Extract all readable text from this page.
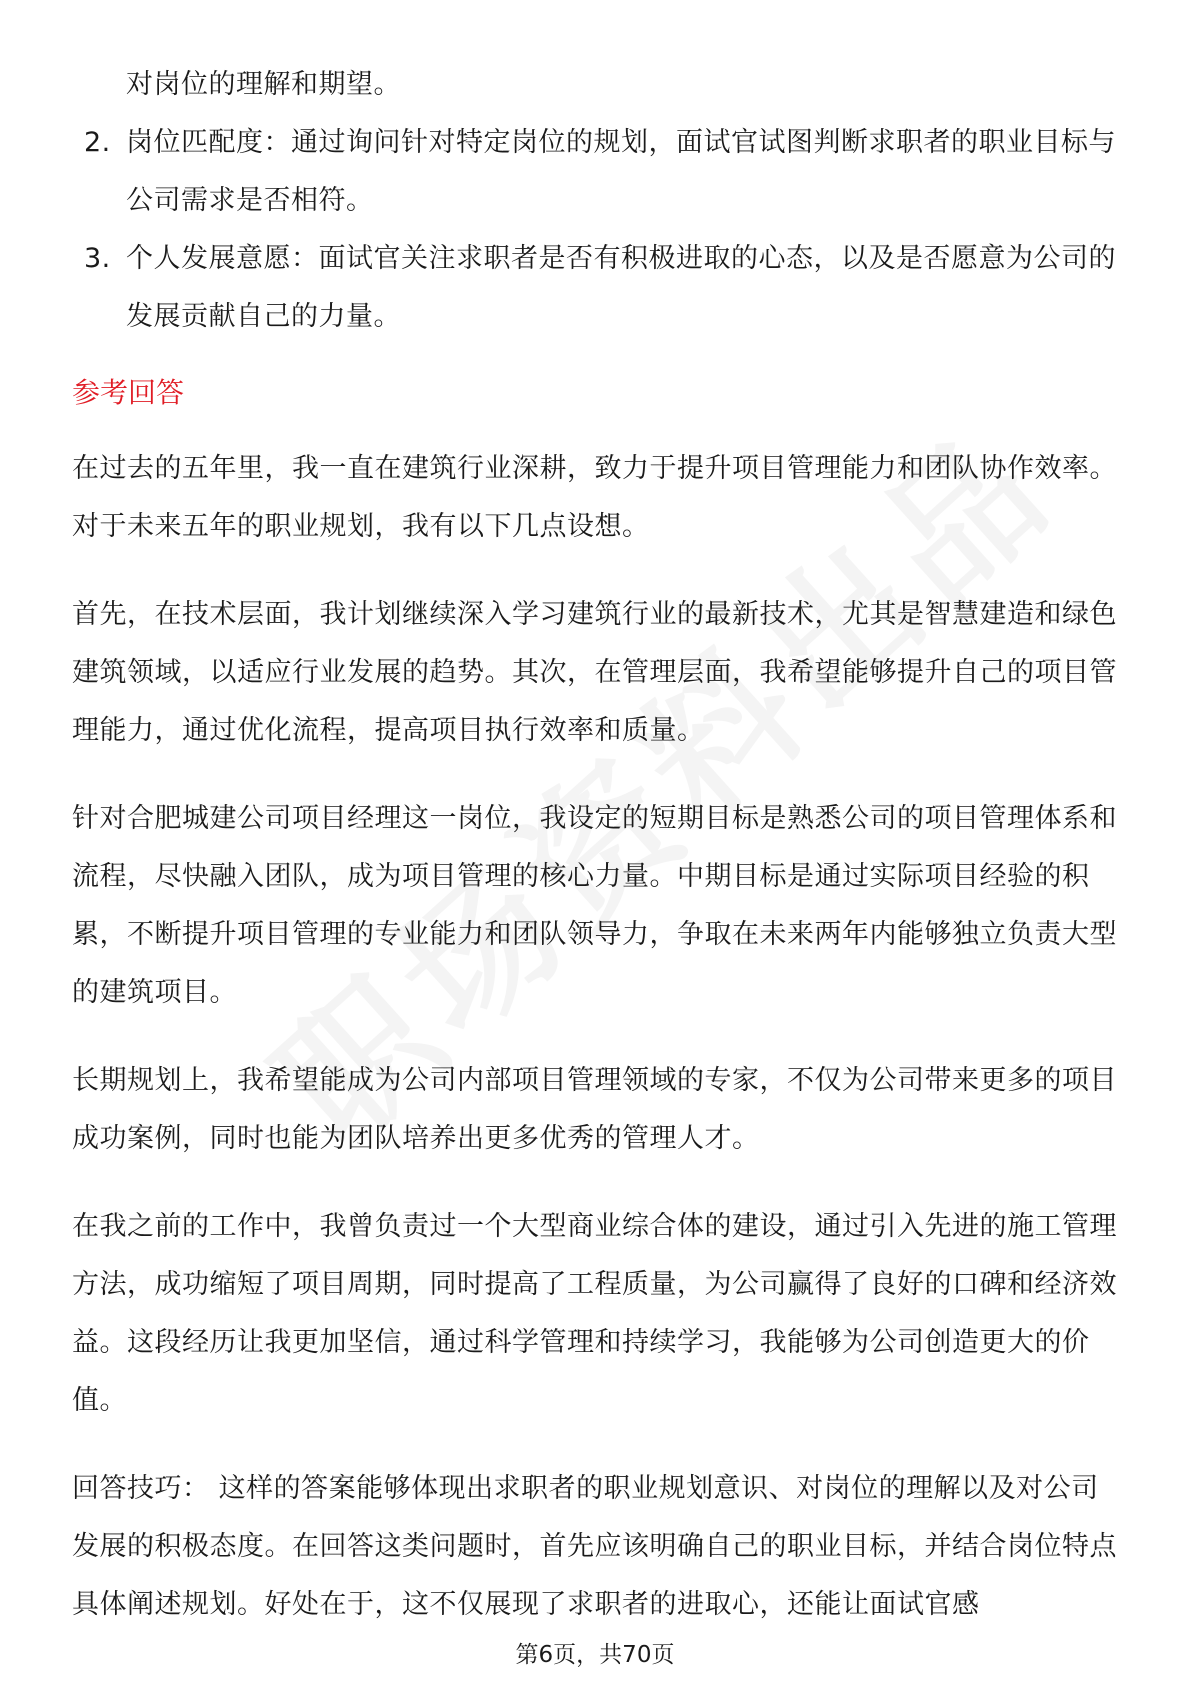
对岗位的理解和期望。
2. 岗位匹配度：通过询问针对特定岗位的规划，面试官试图判断求职者的职业目标与公司需求是否相符。
3. 个人发展意愿：面试官关注求职者是否有积极进取的心态，以及是否愿意为公司的发展贡献自己的力量。
参考回答

在过去的五年里，我一直在建筑行业深耕，致力于提升项目管理能力和团队协作效率。对于未来五年的职业规划，我有以下几点设想。

首先，在技术层面，我计划继续深入学习建筑行业的最新技术，尤其是智慧建造和绿色建筑领域，以适应行业发展的趋势。其次，在管理层面，我希望能够提升自己的项目管理能力，通过优化流程，提高项目执行效率和质量。

针对合肥城建公司项目经理这一岗位，我设定的短期目标是熟悉公司的项目管理体系和流程，尽快融入团队，成为项目管理的核心力量。中期目标是通过实际项目经验的积累，不断提升项目管理的专业能力和团队领导力，争取在未来两年内能够独立负责大型的建筑项目。

长期规划上，我希望能成为公司内部项目管理领域的专家，不仅为公司带来更多的项目成功案例，同时也能为团队培养出更多优秀的管理人才。

在我之前的工作中，我曾负责过一个大型商业综合体的建设，通过引入先进的施工管理方法，成功缩短了项目周期，同时提高了工程质量，为公司赢得了良好的口碑和经济效益。这段经历让我更加坚信，通过科学管理和持续学习，我能够为公司创造更大的价值。

回答技巧： 这样的答案能够体现出求职者的职业规划意识、对岗位的理解以及对公司发展的积极态度。在回答这类问题时，首先应该明确自己的职业目标，并结合岗位特点具体阐述规划。好处在于，这不仅展现了求职者的进取心，还能让面试官感

第6页，共70页
